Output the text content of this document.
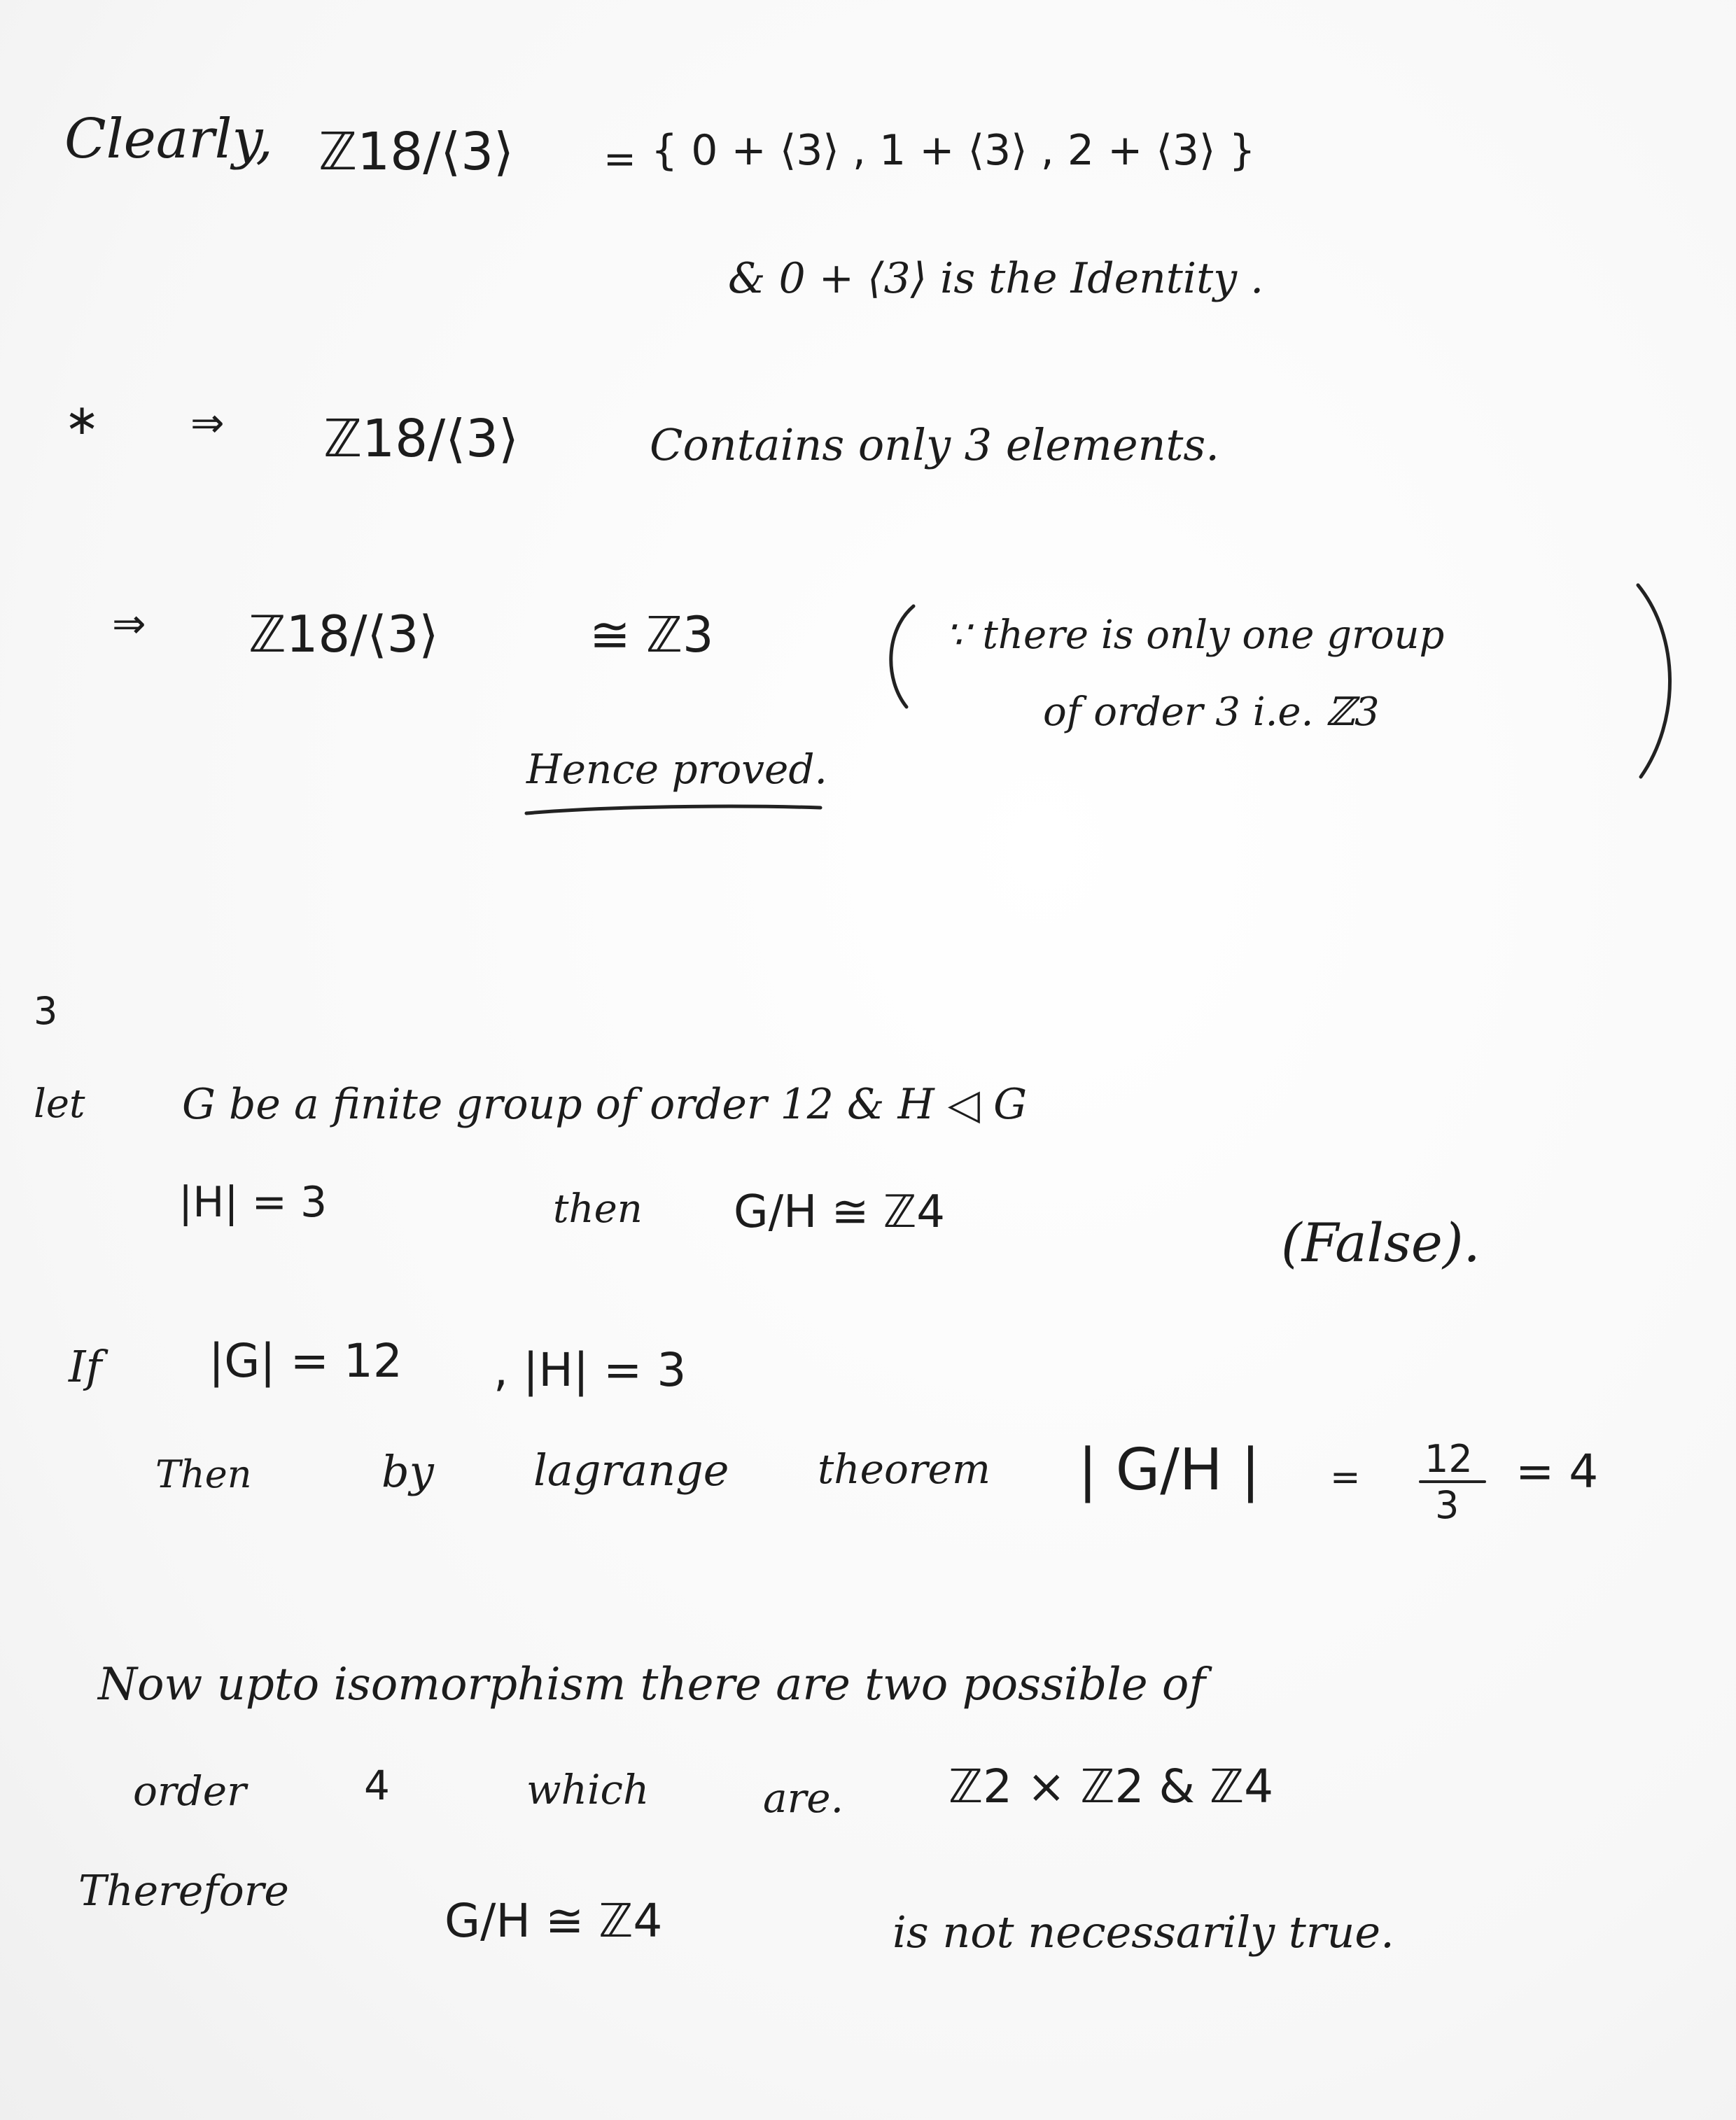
Clearly, ℤ18/⟨3⟩ = { 0 + ⟨3⟩ , 1 + ⟨3⟩ , 2 + ⟨3⟩ }
& 0 + ⟨3⟩ is the Identity .
∗ ⇒ ℤ18/⟨3⟩	Contains only 3 elements.
⇒ ℤ18/⟨3⟩	≅ ℤ3	∵ there is only one group
of order 3 i.e. ℤ3
Hence proved.
3
let G be a finite group of order 12 & H ◁ G
|H| = 3	then G/H ≅ ℤ4	(False).
If |G| = 12 , |H| = 3
Then	by lagrange theorem | G/H | = 12
3
= 4
Now upto isomorphism there are two possible of
order	4	which	are. ℤ2 × ℤ2 & ℤ4
Therefore
G/H ≅ ℤ4	is not necessarily true.
